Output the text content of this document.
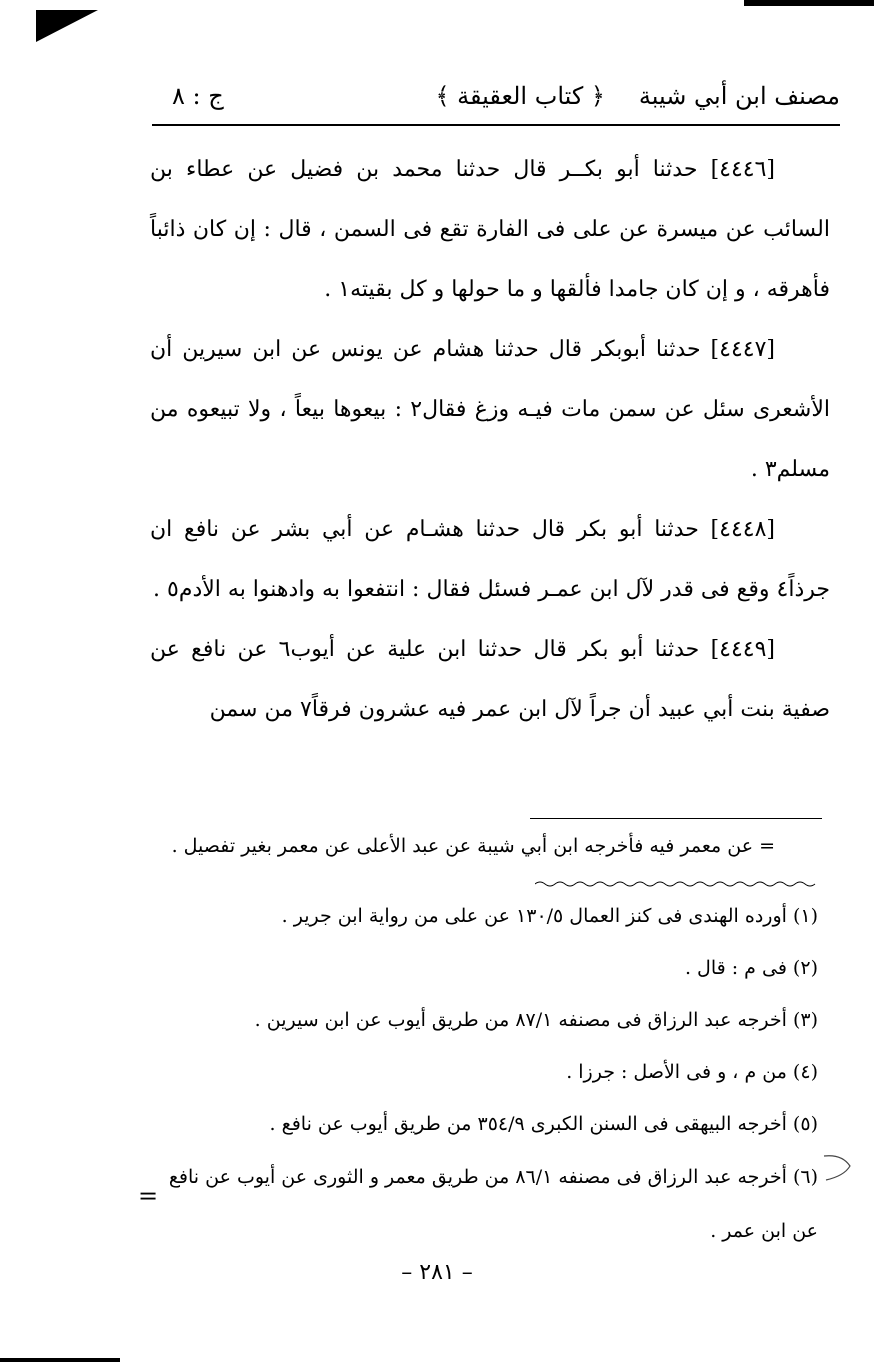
مصنف ابن أبي شيبة
﴿ كتاب العقيقة ﴾
ج : ٨

[٤٤٤٦] حدثنا أبو بكــر قال حدثنا محمد بن فضيل عن عطاء بن السائب عن ميسرة عن على فى الفارة تقع فى السمن ، قال : إن كان ذائباً فأهرقه ، و إن كان جامدا فألقها و ما حولها و كل بقيته١ .

[٤٤٤٧] حدثنا أبوبكر قال حدثنا هشام عن يونس عن ابن سيرين أن الأشعرى سئل عن سمن مات فيـه وزغ فقال٢ : بيعوها بيعاً ، ولا تبيعوه من مسلم٣ .

[٤٤٤٨] حدثنا أبو بكر قال حدثنا هشـام عن أبي بشر عن نافع ان جرذاً٤ وقع فى قدر لآل ابن عمـر فسئل فقال : انتفعوا به وادهنوا به الأدم٥ .

[٤٤٤٩] حدثنا أبو بكر قال حدثنا ابن علية عن أيوب٦ عن نافع عن صفية بنت أبي عبيد أن جراً لآل ابن عمر فيه عشرون فرقاً٧ من سمن

= عن معمر فيه فأخرجه ابن أبي شيبة عن عبد الأعلى عن معمر بغير تفصيل .
(١) أورده الهندى فى كنز العمال ١٣٠/٥ عن على من رواية ابن جرير .
(٢) فى م : قال .
(٣) أخرجه عبد الرزاق فى مصنفه ٨٧/١ من طريق أيوب عن ابن سيرين .
(٤) من م ، و فى الأصل : جرزا .
(٥) أخرجه البيهقى فى السنن الكبرى ٣٥٤/٩ من طريق أيوب عن نافع .
(٦) أخرجه عبد الرزاق فى مصنفه ٨٦/١ من طريق معمر و الثورى عن أيوب عن نافع عن ابن عمر .
=
– ٢٨١ –
